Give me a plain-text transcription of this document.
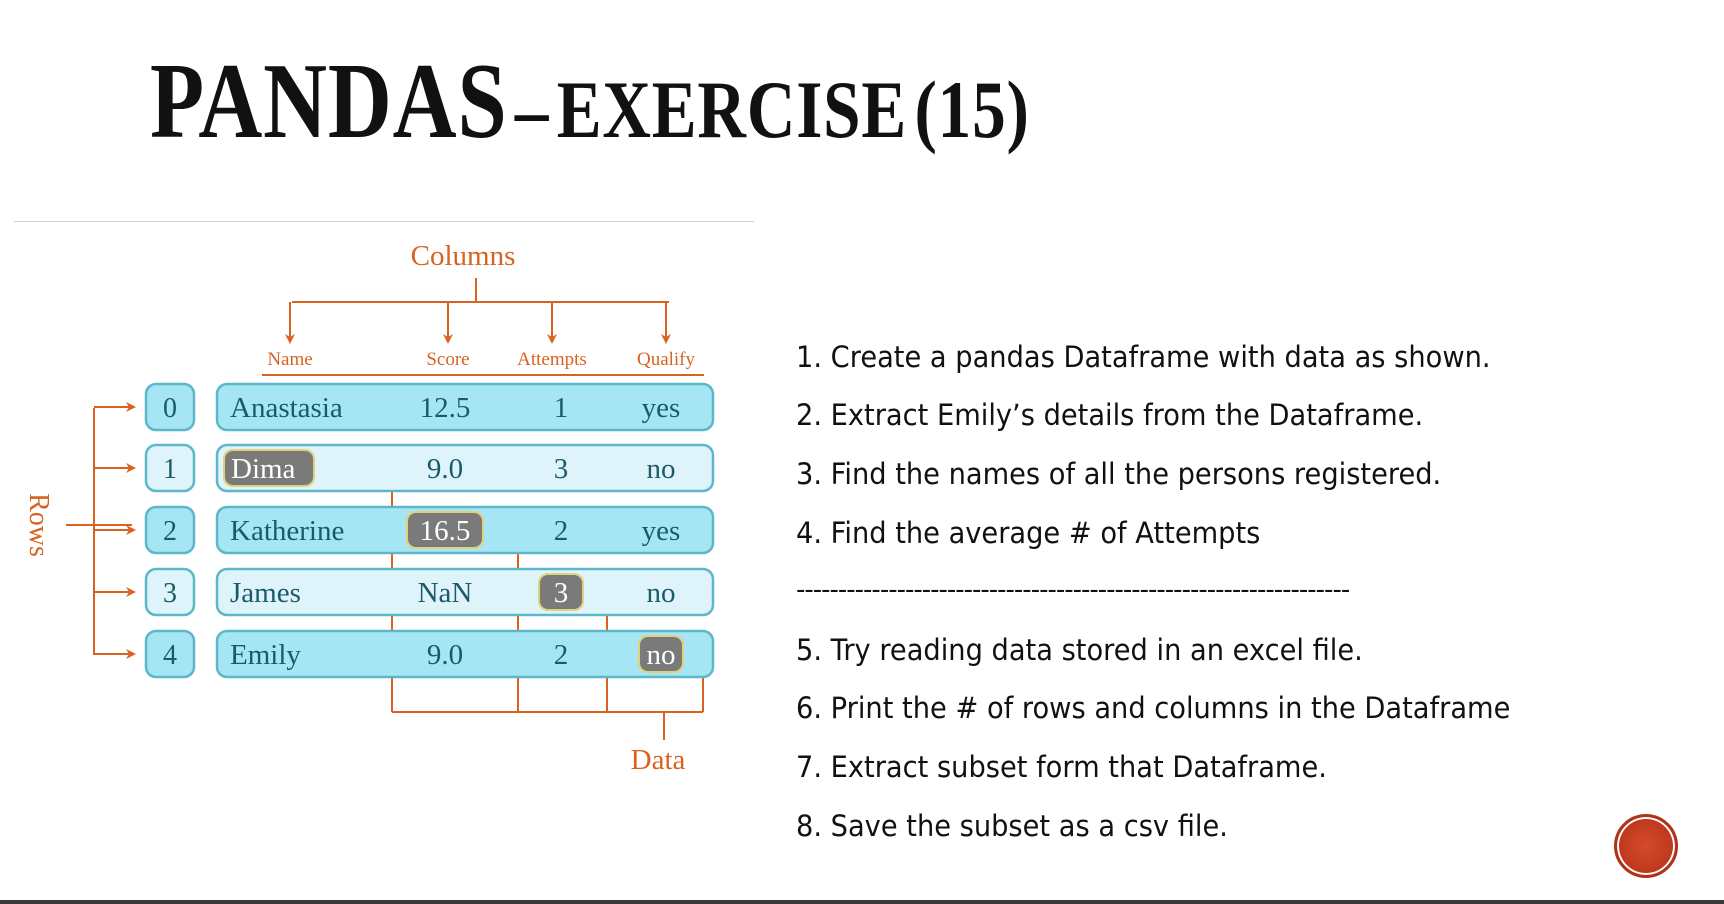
PANDAS – EXERCISE (15)
Name	Score	Attempts	Qualify
0 Anastasia	12.5	1	yes
1 Dima	9.0	3	no
2 Katherine	16.5	2	yes
3 James	NaN	3	no
4 Emily	9.0	2	no
Columns
Rows
Data
1. Create a pandas Dataframe with data as shown.
2. Extract Emily’s details from the Dataframe.
3. Find the names of all the persons registered.
4. Find the average # of Attempts
5. Try reading data stored in an excel file.
6. Print the # of rows and columns in the Dataframe
7. Extract subset form that Dataframe.
8. Save the subset as a csv file.
------------------------------------------------------------------
